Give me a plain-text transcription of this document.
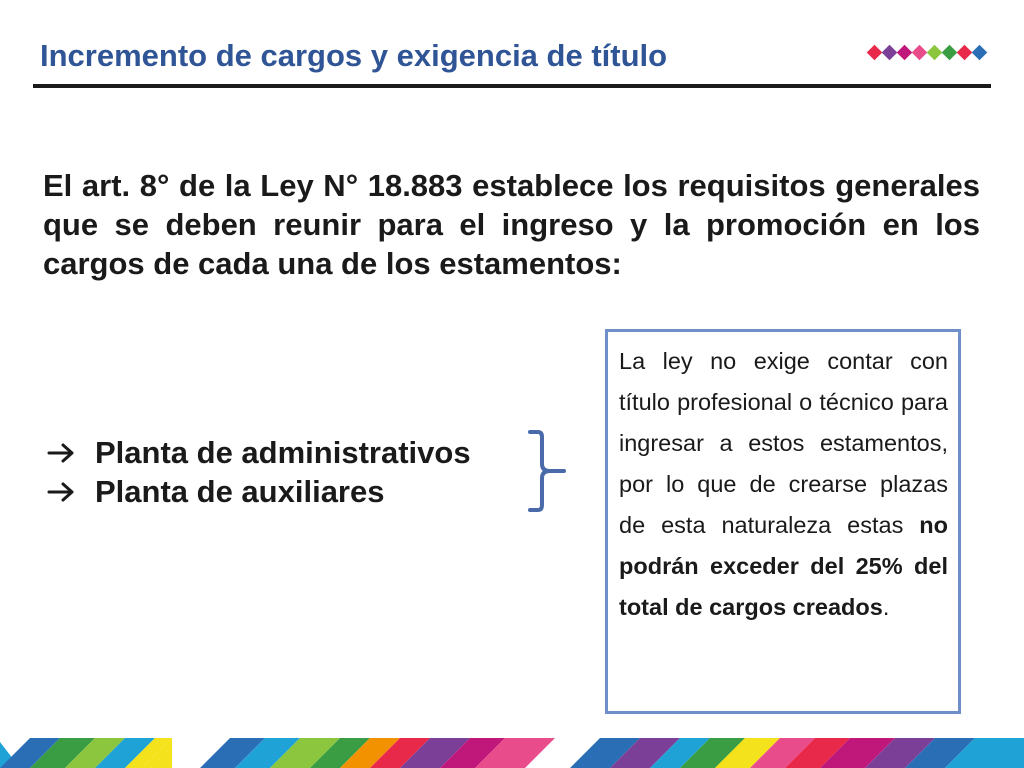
Incremento de cargos y exigencia de título
El art. 8° de la Ley N° 18.883 establece los requisitos generales que se deben reunir para el ingreso y la promoción en los cargos de cada una de los estamentos:
Planta de administrativos
Planta de auxiliares
La ley no exige contar con título profesional o técnico para ingresar a estos estamentos, por lo que de crearse plazas de esta naturaleza estas no podrán exceder del 25% del total de cargos creados.
